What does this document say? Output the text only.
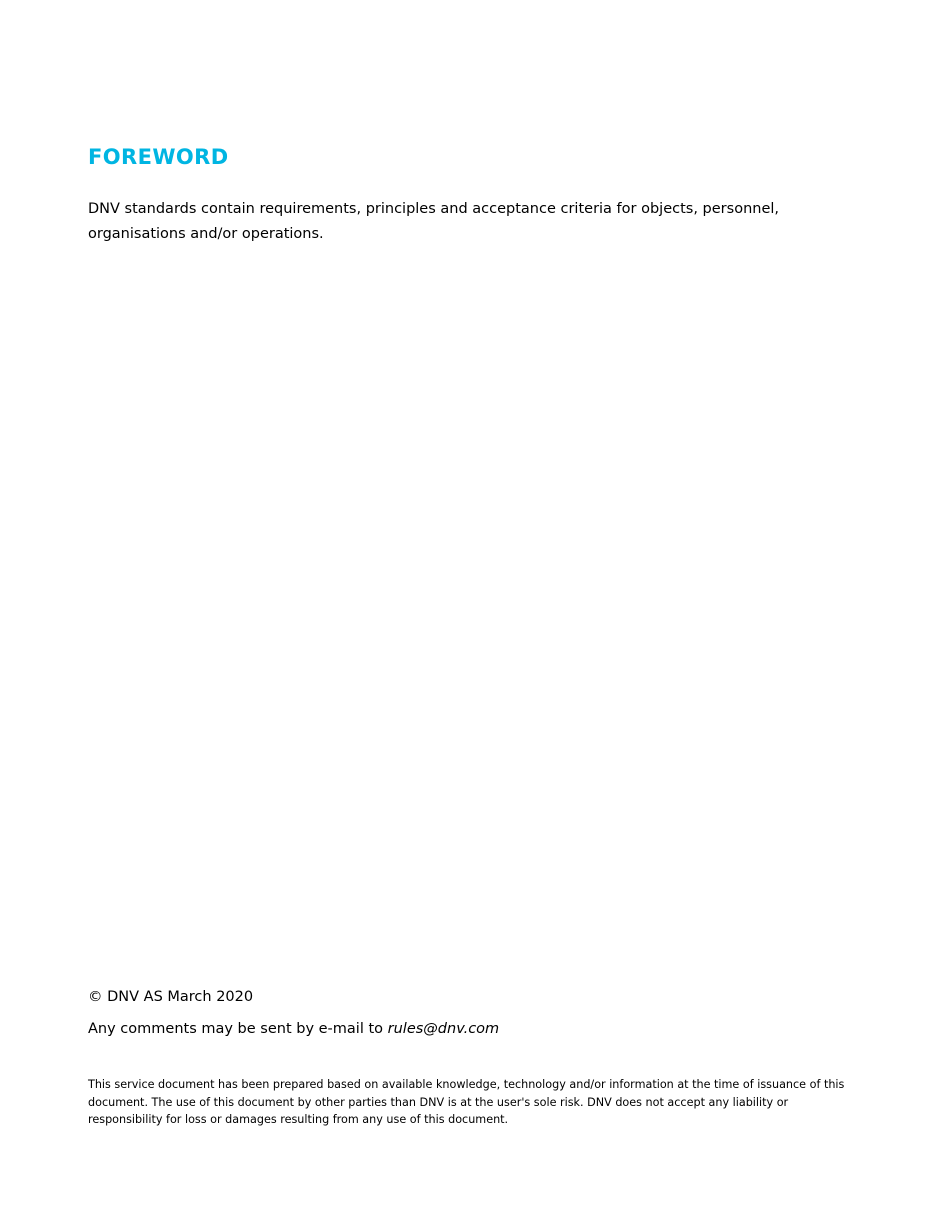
FOREWORD

DNV standards contain requirements, principles and acceptance criteria for objects, personnel, organisations and/or operations.

© DNV AS March 2020
Any comments may be sent by e-mail to rules@dnv.com
This service document has been prepared based on available knowledge, technology and/or information at the time of issuance of this document. The use of this document by other parties than DNV is at the user's sole risk. DNV does not accept any liability or responsibility for loss or damages resulting from any use of this document.
